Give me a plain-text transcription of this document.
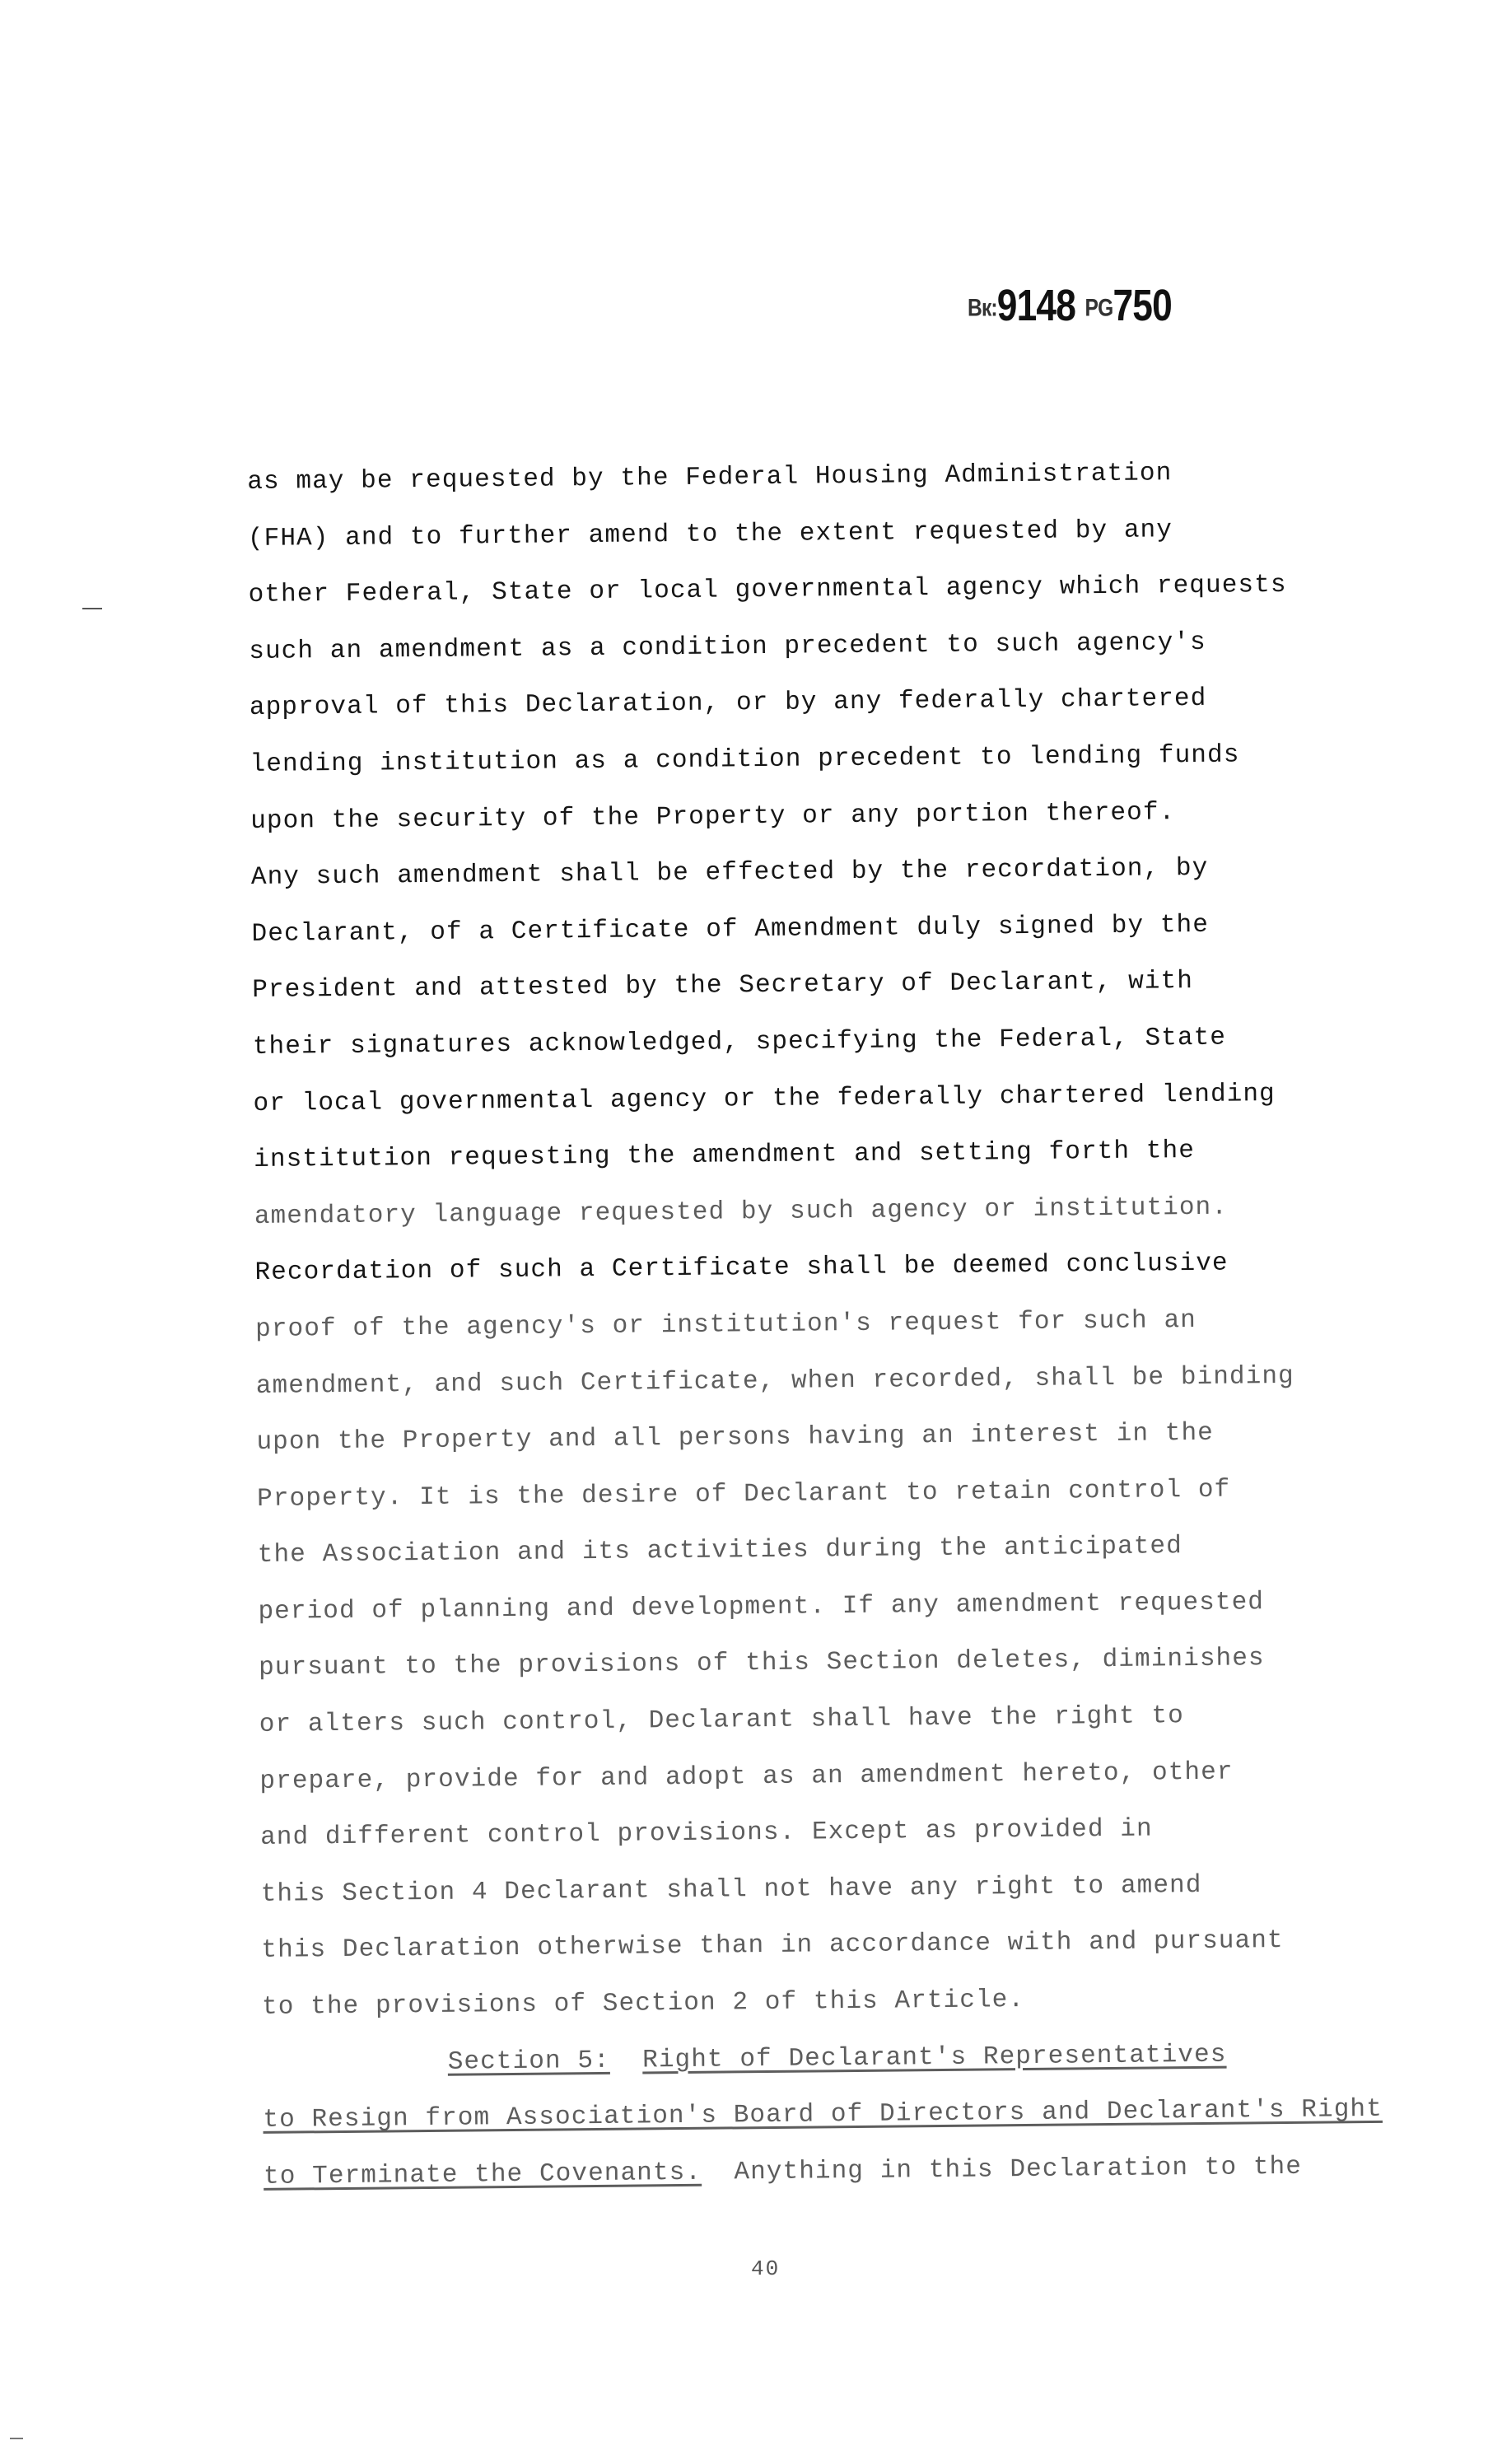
Bк:9148 PG750
as may be requested by the Federal Housing Administration
(FHA) and to further amend to the extent requested by any
other Federal, State or local governmental agency which requests
such an amendment as a condition precedent to such agency's
approval of this Declaration, or by any federally chartered
lending institution as a condition precedent to lending funds
upon the security of the Property or any portion thereof.
Any such amendment shall be effected by the recordation, by
Declarant, of a Certificate of Amendment duly signed by the
President and attested by the Secretary of Declarant, with
their signatures acknowledged, specifying the Federal, State
or local governmental agency or the federally chartered lending
institution requesting the amendment and setting forth the
amendatory language requested by such agency or institution.
Recordation of such a Certificate shall be deemed conclusive
proof of the agency's or institution's request for such an
amendment, and such Certificate, when recorded, shall be binding
upon the Property and all persons having an interest in the
Property. It is the desire of Declarant to retain control of
the Association and its activities during the anticipated
period of planning and development. If any amendment requested
pursuant to the provisions of this Section deletes, diminishes
or alters such control, Declarant shall have the right to
prepare, provide for and adopt as an amendment hereto, other
and different control provisions. Except as provided in
this Section 4 Declarant shall not have any right to amend
this Declaration otherwise than in accordance with and pursuant
to the provisions of Section 2 of this Article.
Section 5: Right of Declarant's Representatives
to Resign from Association's Board of Directors and Declarant's Right
to Terminate the Covenants. Anything in this Declaration to the
40
